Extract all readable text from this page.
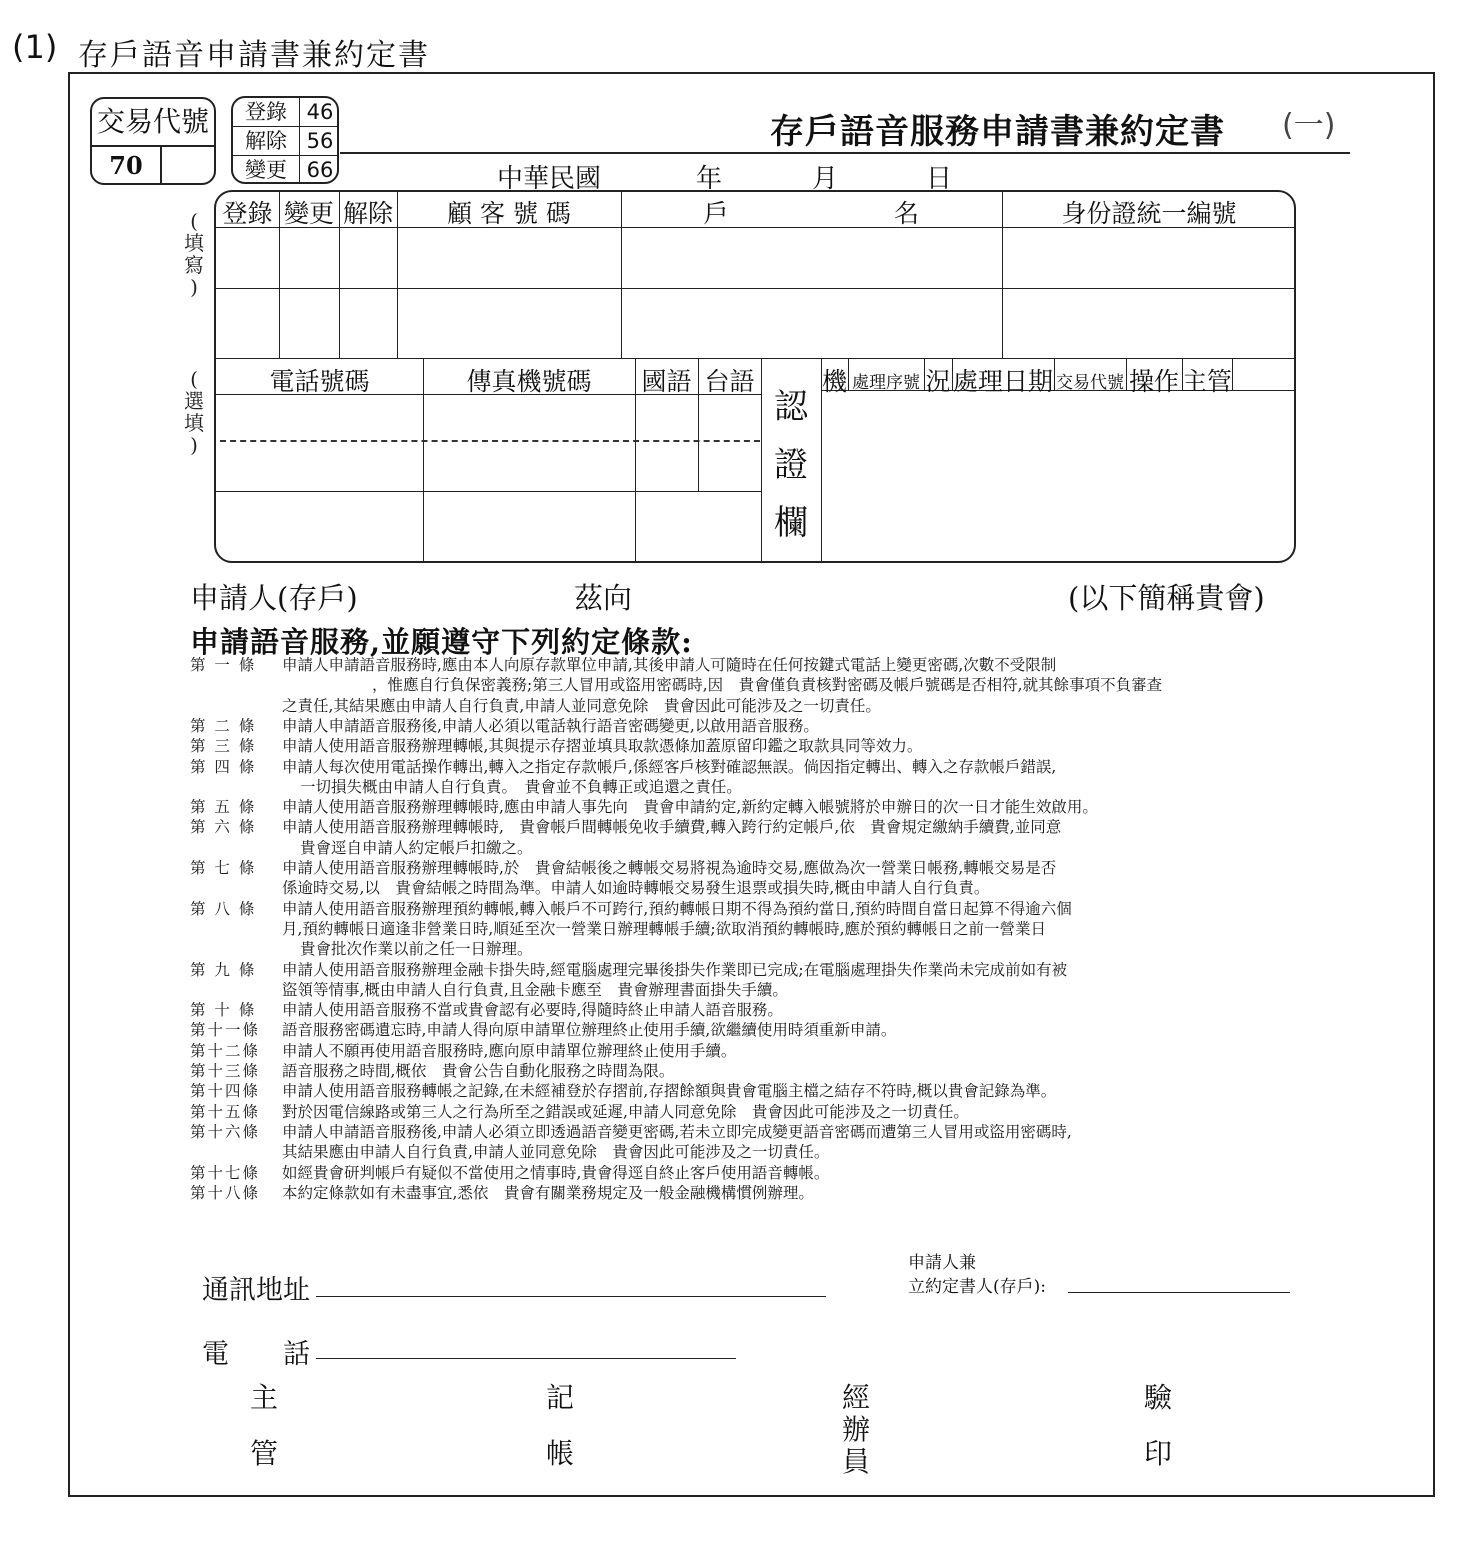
(1) 存戶語音申請書兼約定書
交易代號
70
登錄 46
解除 56
變更 66
存戶語音服務申請書兼約定書 (一)
中華民國	年	月	日
(
填
寫
)
(
選
填
)
登錄 變更 解除	顧 客 號 碼	戶	名	身份證統一編號
電話號碼	傳真機號碼	國語 台語
認
證
欄
機 處理序號 況 處理日期 交易代號 操作 主管
申請人(存戶)	茲向	(以下簡稱貴會)
申請語音服務,並願遵守下列約定條款:
第 一 條	申請人申請語音服務時,應由本人向原存款單位申請,其後申請人可隨時在任何按鍵式電話上變更密碼,次數不受限制
，惟應自行負保密義務;第三人冒用或盜用密碼時,因　貴會僅負責核對密碼及帳戶號碼是否相符,就其餘事項不負審查
之責任,其結果應由申請人自行負責,申請人並同意免除　貴會因此可能涉及之一切責任。
第 二 條	申請人申請語音服務後,申請人必須以電話執行語音密碼變更,以啟用語音服務。
第 三 條	申請人使用語音服務辦理轉帳,其與提示存摺並填具取款憑條加蓋原留印鑑之取款具同等效力。
第 四 條	申請人每次使用電話操作轉出,轉入之指定存款帳戶,係經客戶核對確認無誤。倘因指定轉出、轉入之存款帳戶錯誤,
一切損失概由申請人自行負責。　貴會並不負轉正或追還之責任。
第 五 條	申請人使用語音服務辦理轉帳時,應由申請人事先向　貴會申請約定,新約定轉入帳號將於申辦日的次一日才能生效啟用。
第 六 條	申請人使用語音服務辦理轉帳時,　貴會帳戶間轉帳免收手續費,轉入跨行約定帳戶,依　貴會規定繳納手續費,並同意
貴會逕自申請人約定帳戶扣繳之。
第 七 條	申請人使用語音服務辦理轉帳時,於　貴會結帳後之轉帳交易將視為逾時交易,應做為次一營業日帳務,轉帳交易是否
係逾時交易,以　貴會結帳之時間為準。申請人如逾時轉帳交易發生退票或損失時,概由申請人自行負責。
第 八 條	申請人使用語音服務辦理預約轉帳,轉入帳戶不可跨行,預約轉帳日期不得為預約當日,預約時間自當日起算不得逾六個
月,預約轉帳日適逢非營業日時,順延至次一營業日辦理轉帳手續;欲取消預約轉帳時,應於預約轉帳日之前一營業日
貴會批次作業以前之任一日辦理。
第 九 條	申請人使用語音服務辦理金融卡掛失時,經電腦處理完畢後掛失作業即已完成;在電腦處理掛失作業尚未完成前如有被
盜領等情事,概由申請人自行負責,且金融卡應至　貴會辦理書面掛失手續。
第 十 條	申請人使用語音服務不當或貴會認有必要時,得隨時終止申請人語音服務。
第十一條 語音服務密碼遺忘時,申請人得向原申請單位辦理終止使用手續,欲繼續使用時須重新申請。
第十二條 申請人不願再使用語音服務時,應向原申請單位辦理終止使用手續。
第十三條 語音服務之時間,概依　貴會公告自動化服務之時間為限。
第十四條 申請人使用語音服務轉帳之記錄,在未經補登於存摺前,存摺餘額與貴會電腦主檔之結存不符時,概以貴會記錄為準。
第十五條 對於因電信線路或第三人之行為所至之錯誤或延遲,申請人同意免除　貴會因此可能涉及之一切責任。
第十六條 申請人申請語音服務後,申請人必須立即透過語音變更密碼,若未立即完成變更語音密碼而遭第三人冒用或盜用密碼時,
其結果應由申請人自行負責,申請人並同意免除　貴會因此可能涉及之一切責任。
第十七條 如經貴會研判帳戶有疑似不當使用之情事時,貴會得逕自終止客戶使用語音轉帳。
第十八條 本約定條款如有未盡事宜,悉依　貴會有關業務規定及一般金融機構慣例辦理。
申請人兼
立約定書人(存戶):
通訊地址
電　　話
主
管
記
帳
經
辦
員
驗
印
